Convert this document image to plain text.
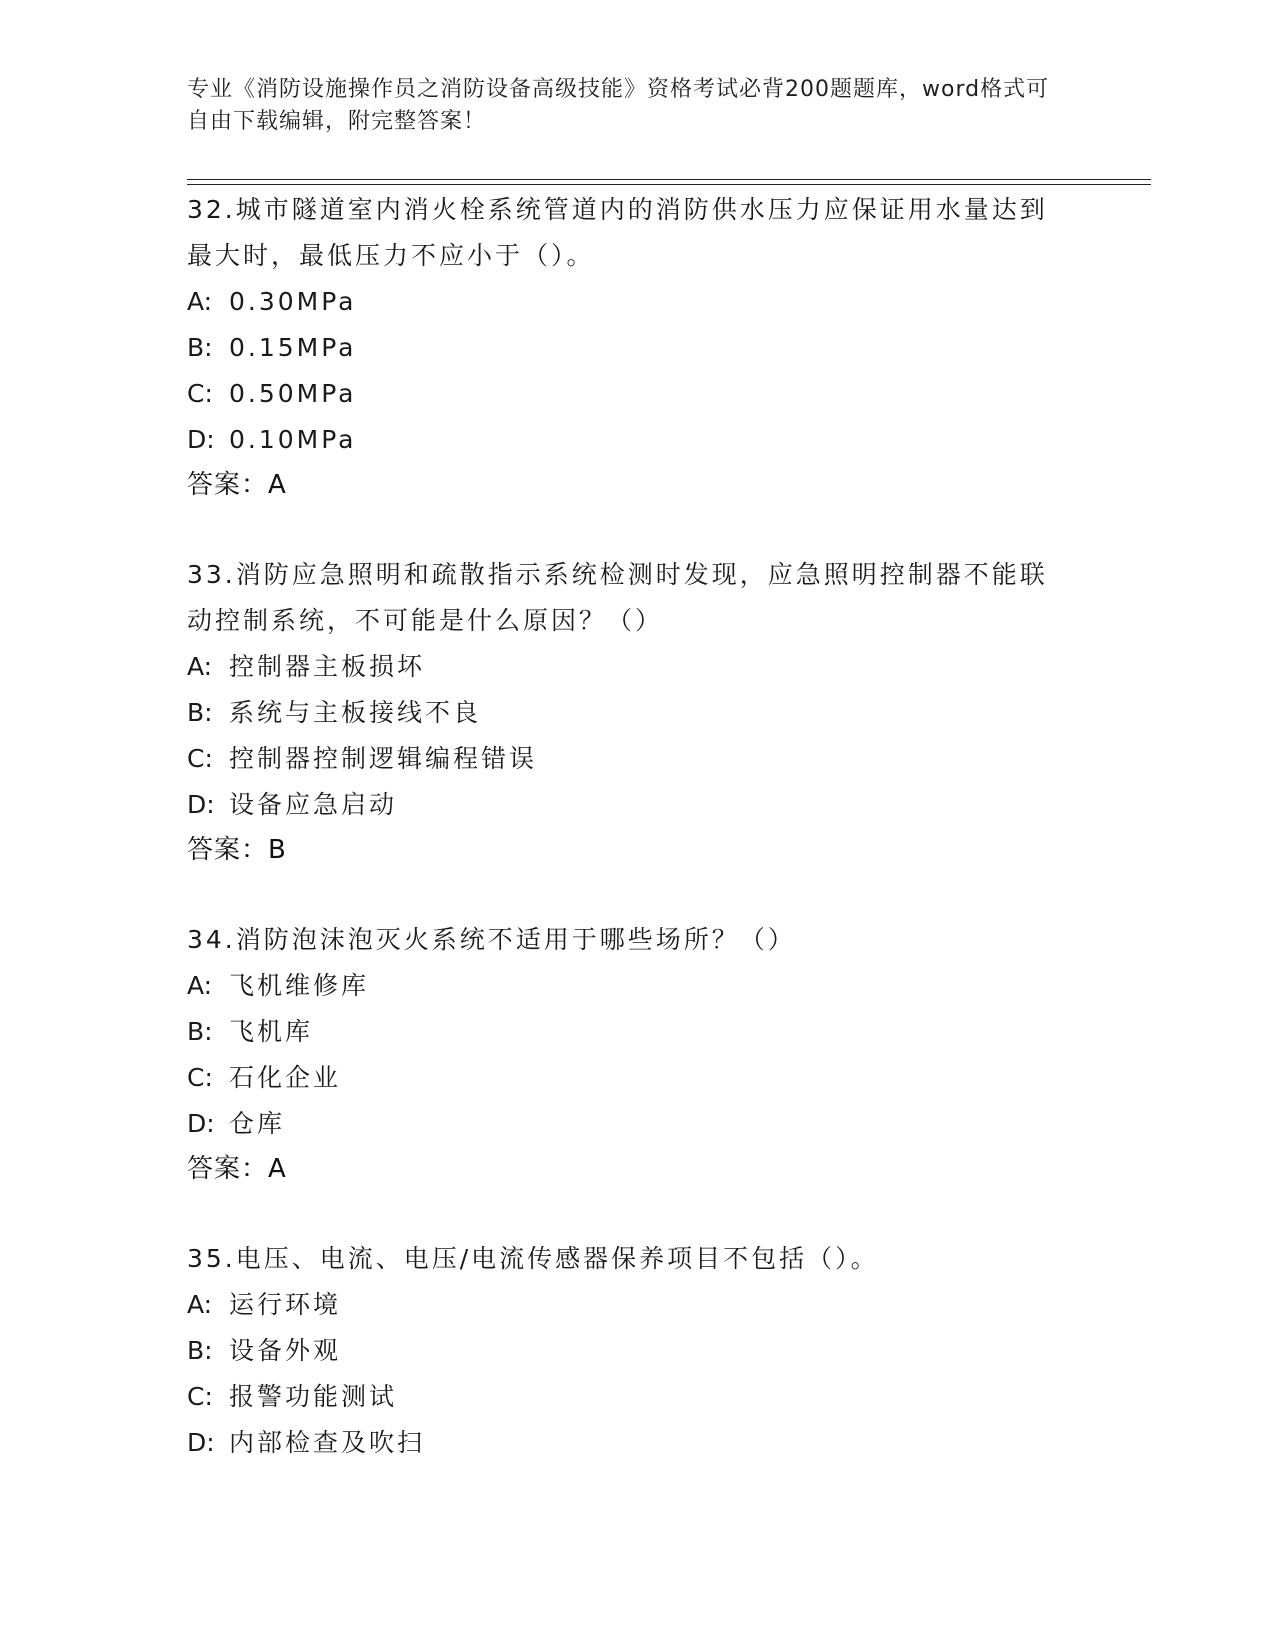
专业《消防设施操作员之消防设备高级技能》资格考试必背200题题库，word格式可自由下载编辑，附完整答案！

32.城市隧道室内消火栓系统管道内的消防供水压力应保证用水量达到最大时，最低压力不应小于（）。

A: 0.30MPa

B: 0.15MPa

C: 0.50MPa

D: 0.10MPa

答案：A

33.消防应急照明和疏散指示系统检测时发现，应急照明控制器不能联动控制系统，不可能是什么原因？（）

A: 控制器主板损坏

B: 系统与主板接线不良

C: 控制器控制逻辑编程错误

D: 设备应急启动

答案：B

34.消防泡沫泡灭火系统不适用于哪些场所？（）

A: 飞机维修库

B: 飞机库

C: 石化企业

D: 仓库

答案：A

35.电压、电流、电压/电流传感器保养项目不包括（）。

A: 运行环境

B: 设备外观

C: 报警功能测试

D: 内部检查及吹扫
